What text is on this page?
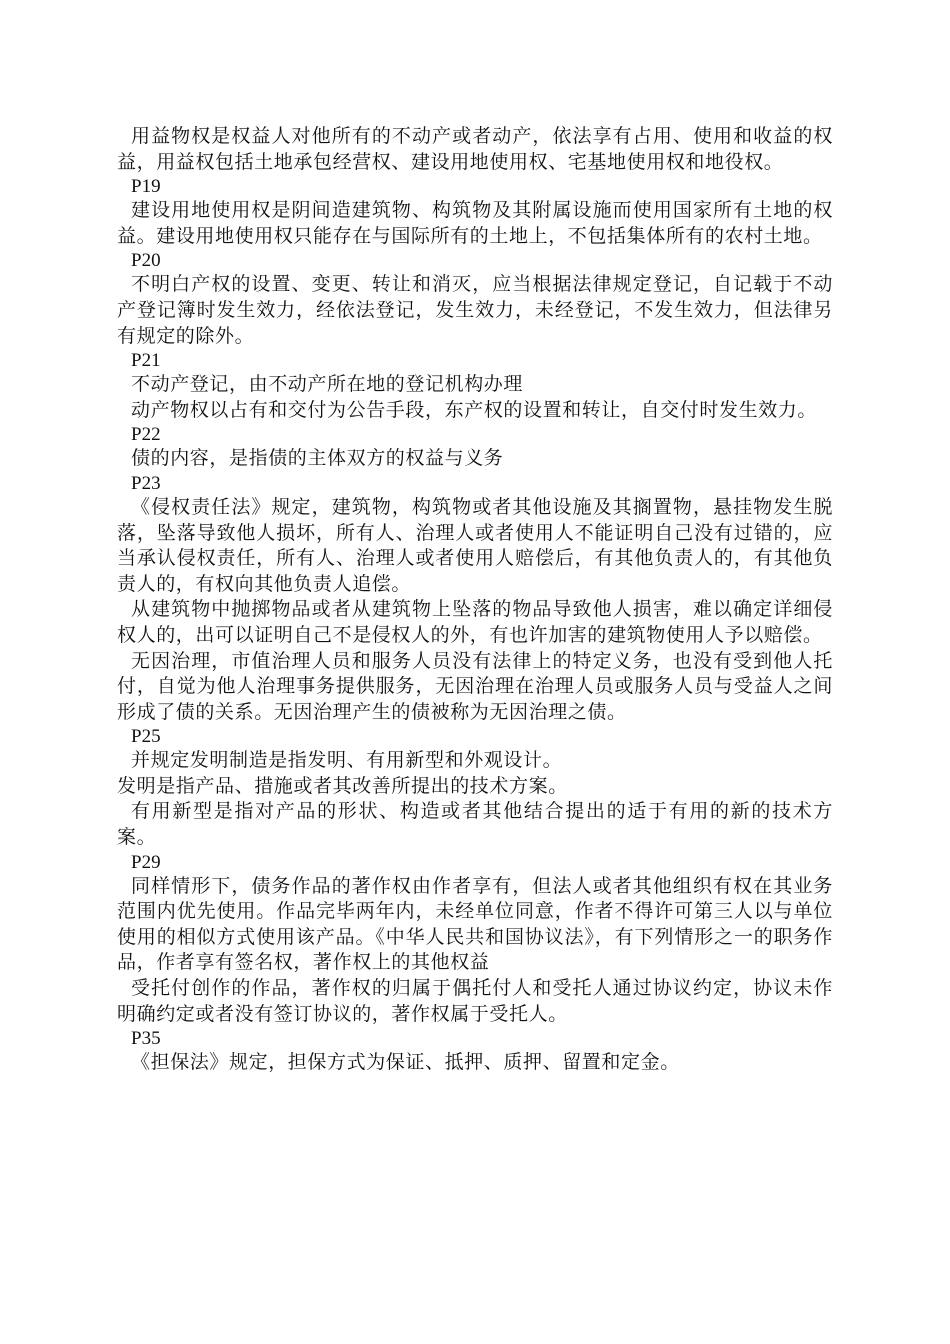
用益物权是权益人对他所有的不动产或者动产，依法享有占用、使用和收益的权益，用益权包括土地承包经营权、建设用地使用权、宅基地使用权和地役权。

P19

建设用地使用权是阴间造建筑物、构筑物及其附属设施而使用国家所有土地的权益。建设用地使用权只能存在与国际所有的土地上，不包括集体所有的农村土地。

P20

不明白产权的设置、变更、转让和消灭，应当根据法律规定登记，自记载于不动产登记簿时发生效力，经依法登记，发生效力，未经登记，不发生效力，但法律另有规定的除外。

P21

不动产登记，由不动产所在地的登记机构办理

动产物权以占有和交付为公告手段，东产权的设置和转让，自交付时发生效力。

P22

债的内容，是指债的主体双方的权益与义务

P23

《侵权责任法》规定，建筑物，构筑物或者其他设施及其搁置物，悬挂物发生脱落，坠落导致他人损坏，所有人、治理人或者使用人不能证明自己没有过错的，应当承认侵权责任，所有人、治理人或者使用人赔偿后，有其他负责人的，有其他负责人的，有权向其他负责人追偿。

从建筑物中抛掷物品或者从建筑物上坠落的物品导致他人损害，难以确定详细侵权人的，出可以证明自己不是侵权人的外，有也许加害的建筑物使用人予以赔偿。

无因治理，市值治理人员和服务人员没有法律上的特定义务，也没有受到他人托付，自觉为他人治理事务提供服务，无因治理在治理人员或服务人员与受益人之间形成了债的关系。无因治理产生的债被称为无因治理之债。

P25

并规定发明制造是指发明、有用新型和外观设计。

发明是指产品、措施或者其改善所提出的技术方案。

有用新型是指对产品的形状、构造或者其他结合提出的适于有用的新的技术方案。

P29

同样情形下，债务作品的著作权由作者享有，但法人或者其他组织有权在其业务范围内优先使用。作品完毕两年内，未经单位同意，作者不得许可第三人以与单位使用的相似方式使用该产品。《中华人民共和国协议法》，有下列情形之一的职务作品，作者享有签名权，著作权上的其他权益

受托付创作的作品，著作权的归属于偶托付人和受托人通过协议约定，协议未作明确约定或者没有签订协议的，著作权属于受托人。

P35

《担保法》规定，担保方式为保证、抵押、质押、留置和定金。
